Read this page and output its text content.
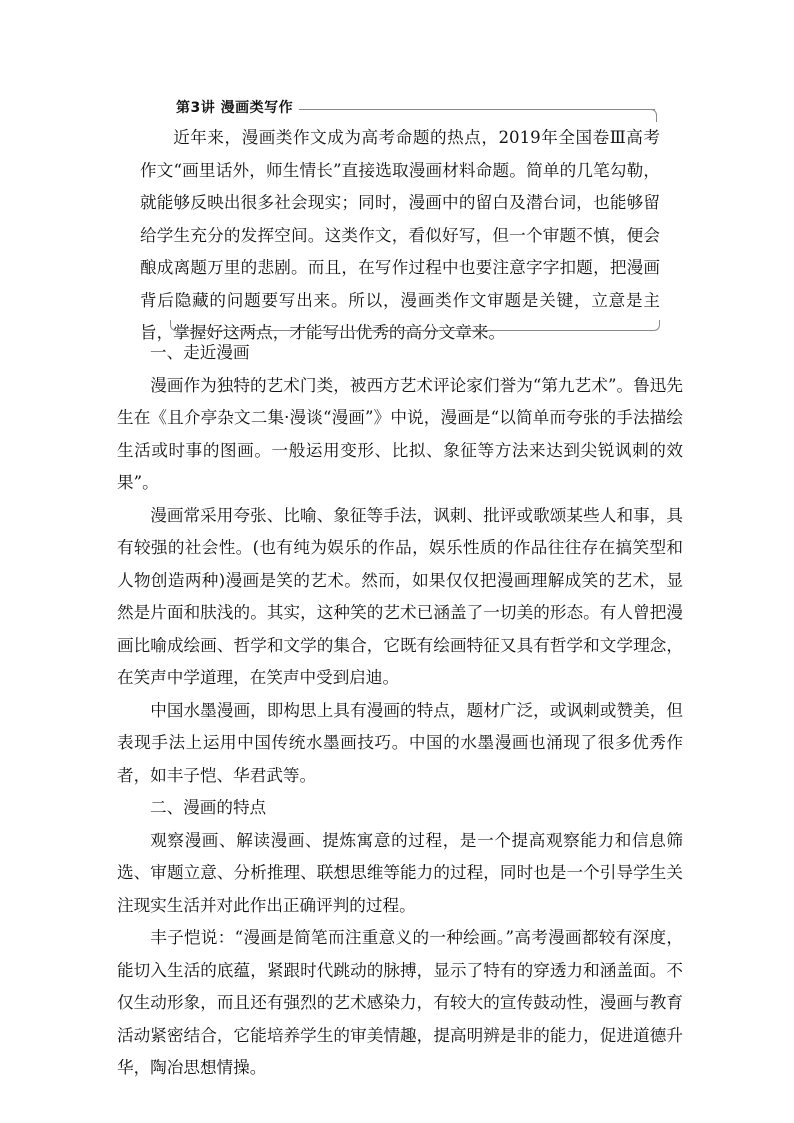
第3讲 漫画类写作

近年来，漫画类作文成为高考命题的热点，2019年全国卷Ⅲ高考作文“画里话外，师生情长”直接选取漫画材料命题。简单的几笔勾勒，就能够反映出很多社会现实；同时，漫画中的留白及潜台词，也能够留给学生充分的发挥空间。这类作文，看似好写，但一个审题不慎，便会酿成离题万里的悲剧。而且，在写作过程中也要注意字字扣题，把漫画背后隐藏的问题要写出来。所以，漫画类作文审题是关键，立意是主旨，掌握好这两点，才能写出优秀的高分文章来。

一、走近漫画

漫画作为独特的艺术门类，被西方艺术评论家们誉为“第九艺术”。鲁迅先生在《且介亭杂文二集·漫谈“漫画”》中说，漫画是“以简单而夸张的手法描绘生活或时事的图画。一般运用变形、比拟、象征等方法来达到尖锐讽刺的效果”。

漫画常采用夸张、比喻、象征等手法，讽刺、批评或歌颂某些人和事，具有较强的社会性。(也有纯为娱乐的作品，娱乐性质的作品往往存在搞笑型和人物创造两种)漫画是笑的艺术。然而，如果仅仅把漫画理解成笑的艺术，显然是片面和肤浅的。其实，这种笑的艺术已涵盖了一切美的形态。有人曾把漫画比喻成绘画、哲学和文学的集合，它既有绘画特征又具有哲学和文学理念，在笑声中学道理，在笑声中受到启迪。

中国水墨漫画，即构思上具有漫画的特点，题材广泛，或讽刺或赞美，但表现手法上运用中国传统水墨画技巧。中国的水墨漫画也涌现了很多优秀作者，如丰子恺、华君武等。

二、漫画的特点

观察漫画、解读漫画、提炼寓意的过程，是一个提高观察能力和信息筛选、审题立意、分析推理、联想思维等能力的过程，同时也是一个引导学生关注现实生活并对此作出正确评判的过程。

丰子恺说：“漫画是简笔而注重意义的一种绘画。”高考漫画都较有深度，能切入生活的底蕴，紧跟时代跳动的脉搏，显示了特有的穿透力和涵盖面。不仅生动形象，而且还有强烈的艺术感染力，有较大的宣传鼓动性，漫画与教育活动紧密结合，它能培养学生的审美情趣，提高明辨是非的能力，促进道德升华，陶冶思想情操。
